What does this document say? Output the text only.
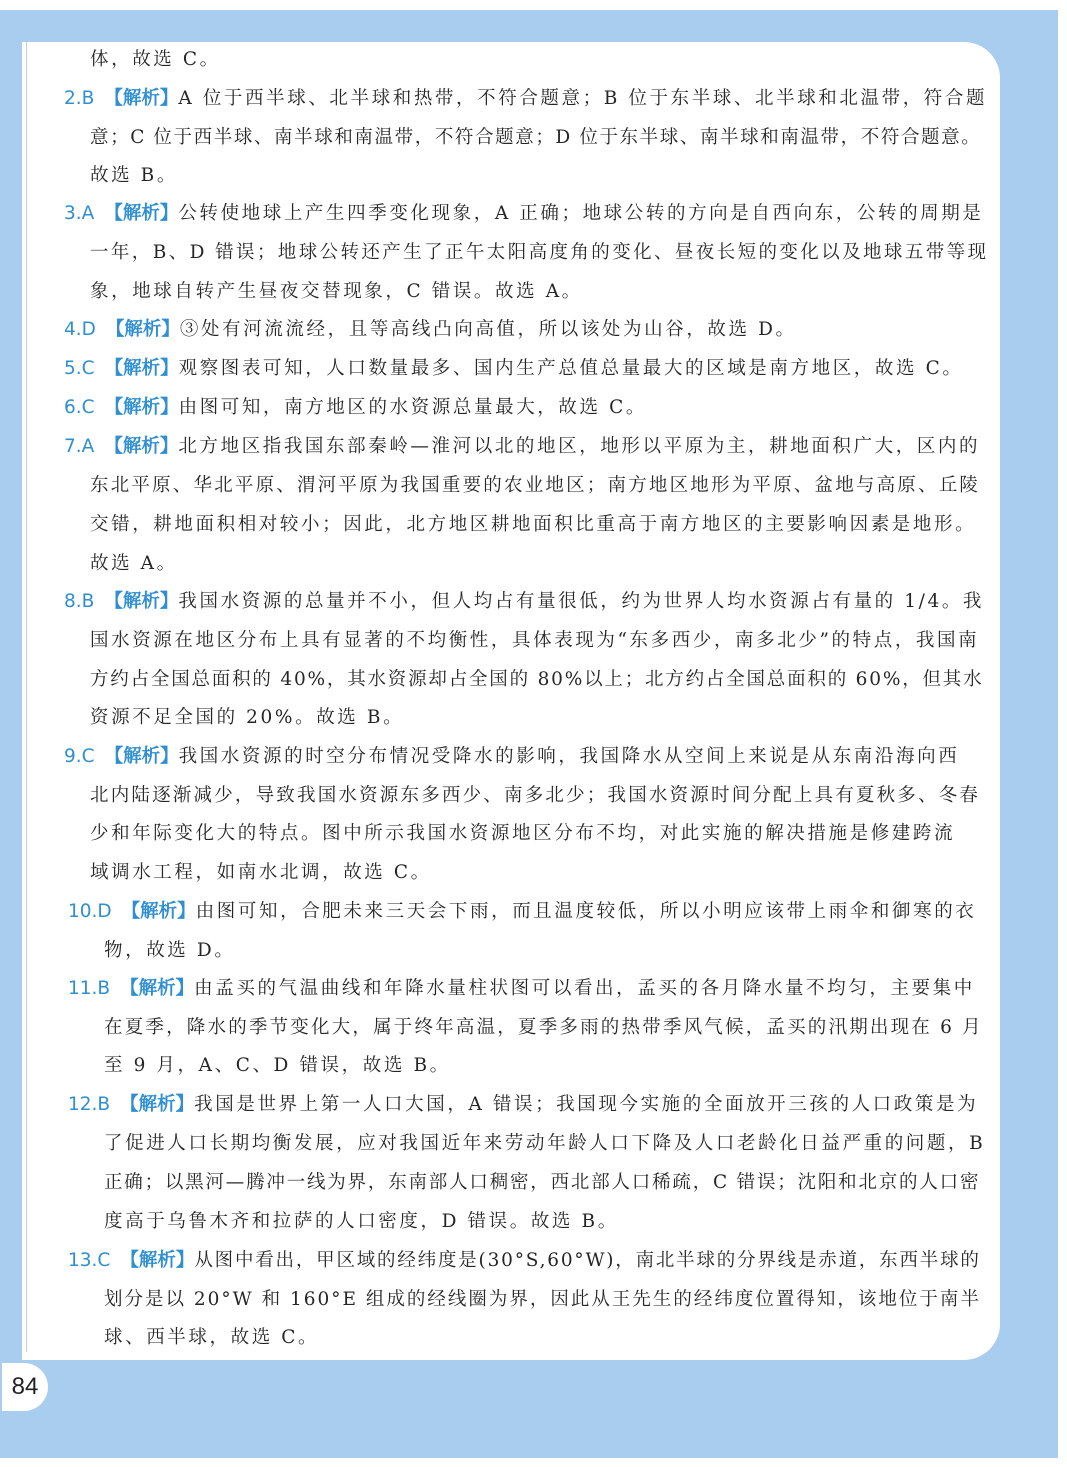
体，故选 C。
2.B 【解析】A 位于西半球、北半球和热带，不符合题意；B 位于东半球、北半球和北温带，符合题
意；C 位于西半球、南半球和南温带，不符合题意；D 位于东半球、南半球和南温带，不符合题意。
故选 B。
3.A 【解析】公转使地球上产生四季变化现象，A 正确；地球公转的方向是自西向东，公转的周期是
一年，B、D 错误；地球公转还产生了正午太阳高度角的变化、昼夜长短的变化以及地球五带等现
象，地球自转产生昼夜交替现象，C 错误。故选 A。
4.D 【解析】③处有河流流经，且等高线凸向高值，所以该处为山谷，故选 D。
5.C 【解析】观察图表可知，人口数量最多、国内生产总值总量最大的区域是南方地区，故选 C。
6.C 【解析】由图可知，南方地区的水资源总量最大，故选 C。
7.A 【解析】北方地区指我国东部秦岭—淮河以北的地区，地形以平原为主，耕地面积广大，区内的
东北平原、华北平原、渭河平原为我国重要的农业地区；南方地区地形为平原、盆地与高原、丘陵
交错，耕地面积相对较小；因此，北方地区耕地面积比重高于南方地区的主要影响因素是地形。
故选 A。
8.B 【解析】我国水资源的总量并不小，但人均占有量很低，约为世界人均水资源占有量的 1/4。我
国水资源在地区分布上具有显著的不均衡性，具体表现为“东多西少，南多北少”的特点，我国南
方约占全国总面积的 40%，其水资源却占全国的 80%以上；北方约占全国总面积的 60%，但其水
资源不足全国的 20%。故选 B。
9.C 【解析】我国水资源的时空分布情况受降水的影响，我国降水从空间上来说是从东南沿海向西
北内陆逐渐减少，导致我国水资源东多西少、南多北少；我国水资源时间分配上具有夏秋多、冬春
少和年际变化大的特点。图中所示我国水资源地区分布不均，对此实施的解决措施是修建跨流
域调水工程，如南水北调，故选 C。
10.D 【解析】由图可知，合肥未来三天会下雨，而且温度较低，所以小明应该带上雨伞和御寒的衣
物，故选 D。
11.B 【解析】由孟买的气温曲线和年降水量柱状图可以看出，孟买的各月降水量不均匀，主要集中
在夏季，降水的季节变化大，属于终年高温，夏季多雨的热带季风气候，孟买的汛期出现在 6 月
至 9 月，A、C、D 错误，故选 B。
12.B 【解析】我国是世界上第一人口大国，A 错误；我国现今实施的全面放开三孩的人口政策是为
了促进人口长期均衡发展，应对我国近年来劳动年龄人口下降及人口老龄化日益严重的问题，B
正确；以黑河—腾冲一线为界，东南部人口稠密，西北部人口稀疏，C 错误；沈阳和北京的人口密
度高于乌鲁木齐和拉萨的人口密度，D 错误。故选 B。
13.C 【解析】从图中看出，甲区域的经纬度是(30°S,60°W)，南北半球的分界线是赤道，东西半球的
划分是以 20°W 和 160°E 组成的经线圈为界，因此从王先生的经纬度位置得知，该地位于南半
球、西半球，故选 C。
84
